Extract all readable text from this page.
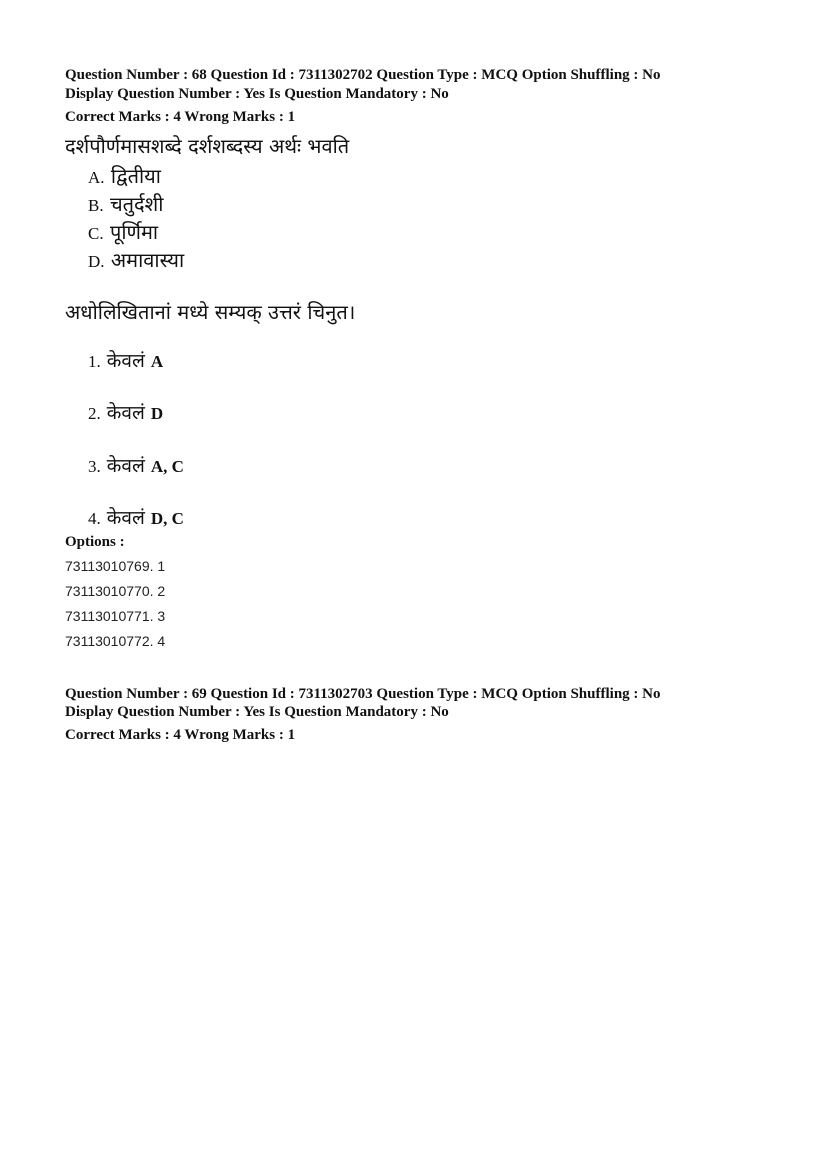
Question Number : 68 Question Id : 7311302702 Question Type : MCQ Option Shuffling : No
Display Question Number : Yes Is Question Mandatory : No
Correct Marks : 4 Wrong Marks : 1
दर्शपौर्णमासशब्दे दर्शशब्दस्य अर्थः भवति
A. द्वितीया
B. चतुर्दशी
C. पूर्णिमा
D. अमावास्या
अधोलिखितानां मध्ये सम्यक् उत्तरं चिनुत।
1. केवलं A
2. केवलं D
3. केवलं A, C
4. केवलं D, C
Options :
73113010769. 1
73113010770. 2
73113010771. 3
73113010772. 4
Question Number : 69 Question Id : 7311302703 Question Type : MCQ Option Shuffling : No
Display Question Number : Yes Is Question Mandatory : No
Correct Marks : 4 Wrong Marks : 1
